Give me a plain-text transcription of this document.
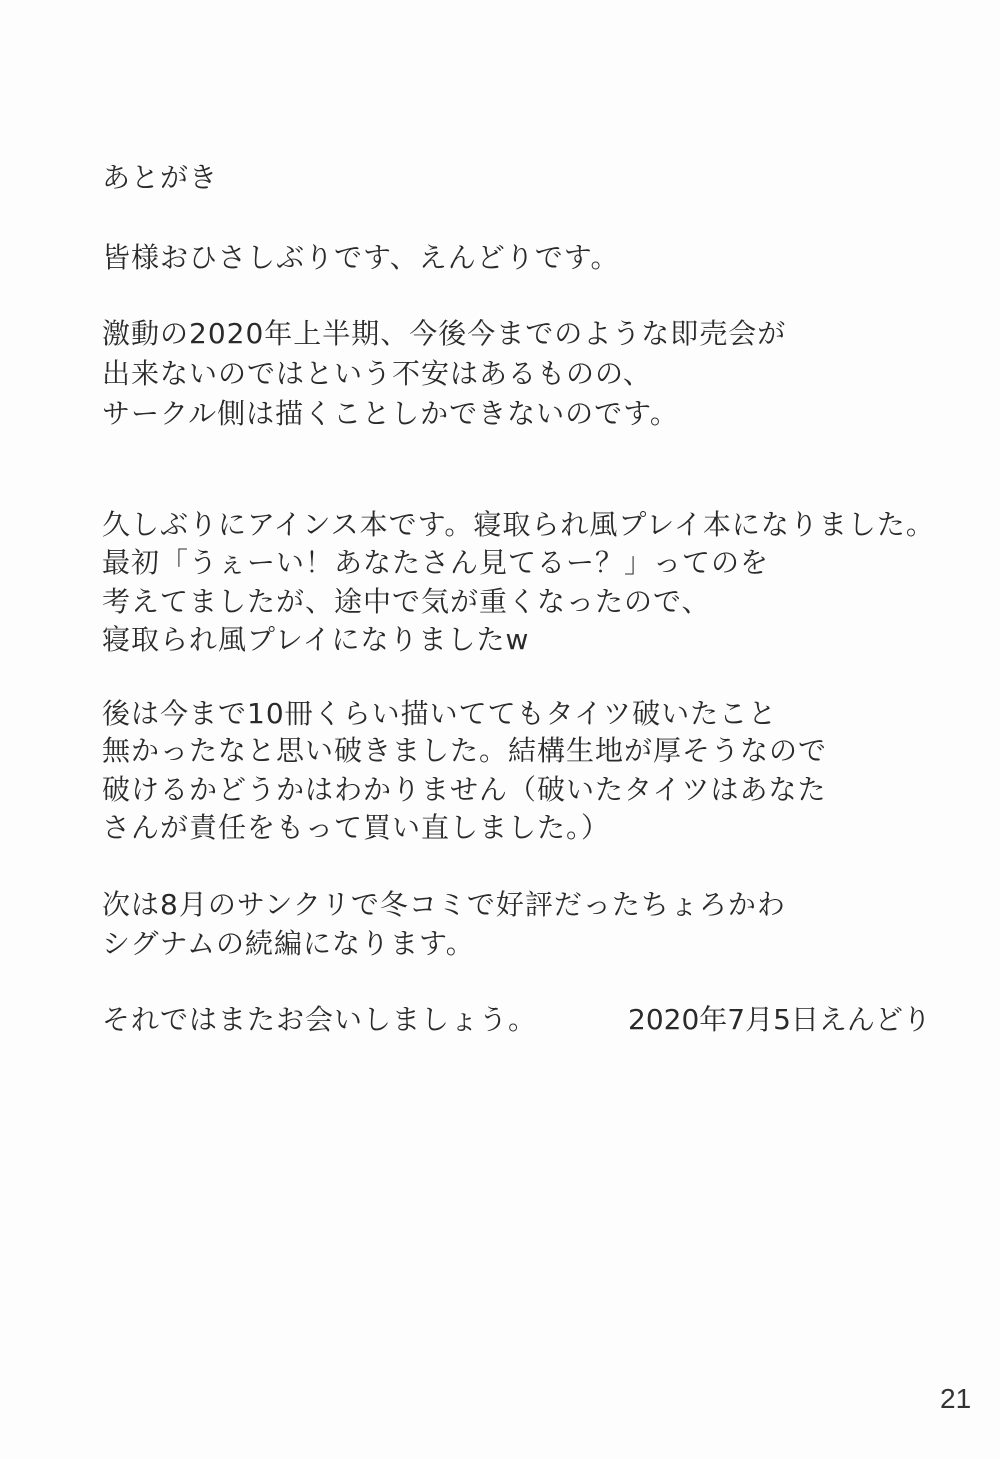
あとがき
皆様おひさしぶりです、えんどりです。
激動の2020年上半期、今後今までのような即売会が
出来ないのではという不安はあるものの、
サークル側は描くことしかできないのです。
久しぶりにアインス本です。寝取られ風プレイ本になりました。
最初「うぇーい！あなたさん見てるー？」ってのを
考えてましたが、途中で気が重くなったので、
寝取られ風プレイになりましたw
後は今まで10冊くらい描いててもタイツ破いたこと
無かったなと思い破きました。結構生地が厚そうなので
破けるかどうかはわかりません（破いたタイツはあなた
さんが責任をもって買い直しました。）
次は8月のサンクリで冬コミで好評だったちょろかわ
シグナムの続編になります。
それではまたお会いしましょう。	2020年7月5日えんどり
21
